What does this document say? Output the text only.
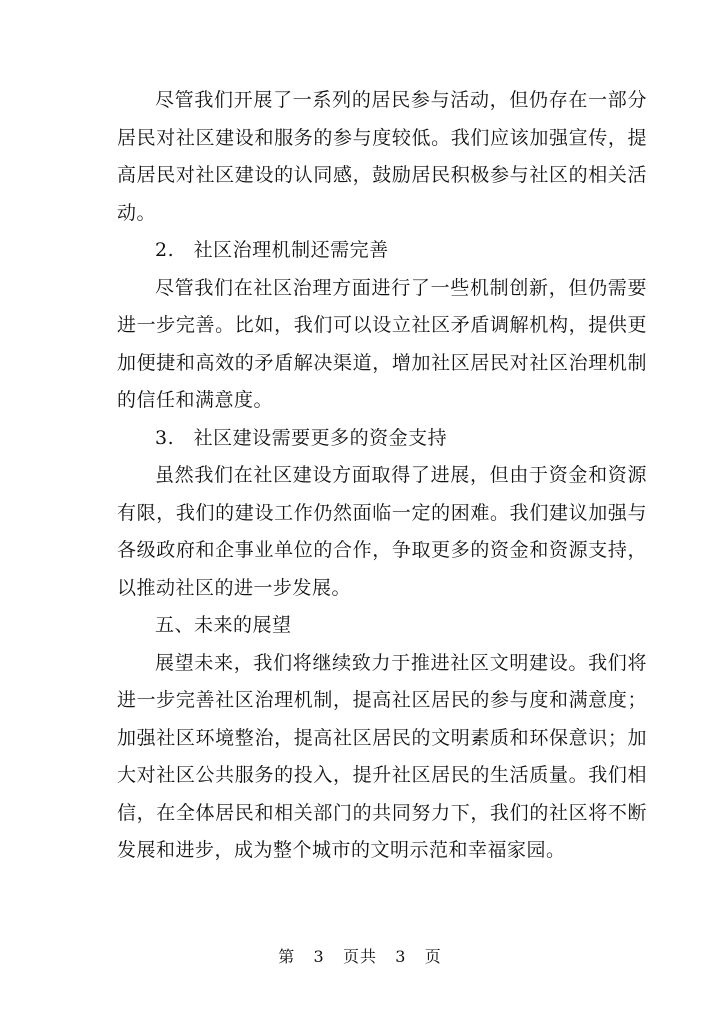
尽管我们开展了一系列的居民参与活动，但仍存在一部分居民对社区建设和服务的参与度较低。我们应该加强宣传，提高居民对社区建设的认同感，鼓励居民积极参与社区的相关活动。

2.　社区治理机制还需完善

尽管我们在社区治理方面进行了一些机制创新，但仍需要进一步完善。比如，我们可以设立社区矛盾调解机构，提供更加便捷和高效的矛盾解决渠道，增加社区居民对社区治理机制的信任和满意度。

3.　社区建设需要更多的资金支持

虽然我们在社区建设方面取得了进展，但由于资金和资源有限，我们的建设工作仍然面临一定的困难。我们建议加强与各级政府和企事业单位的合作，争取更多的资金和资源支持，以推动社区的进一步发展。

五、未来的展望

展望未来，我们将继续致力于推进社区文明建设。我们将进一步完善社区治理机制，提高社区居民的参与度和满意度；加强社区环境整治，提高社区居民的文明素质和环保意识；加大对社区公共服务的投入，提升社区居民的生活质量。我们相信，在全体居民和相关部门的共同努力下，我们的社区将不断发展和进步，成为整个城市的文明示范和幸福家园。

第 3 页共 3 页
